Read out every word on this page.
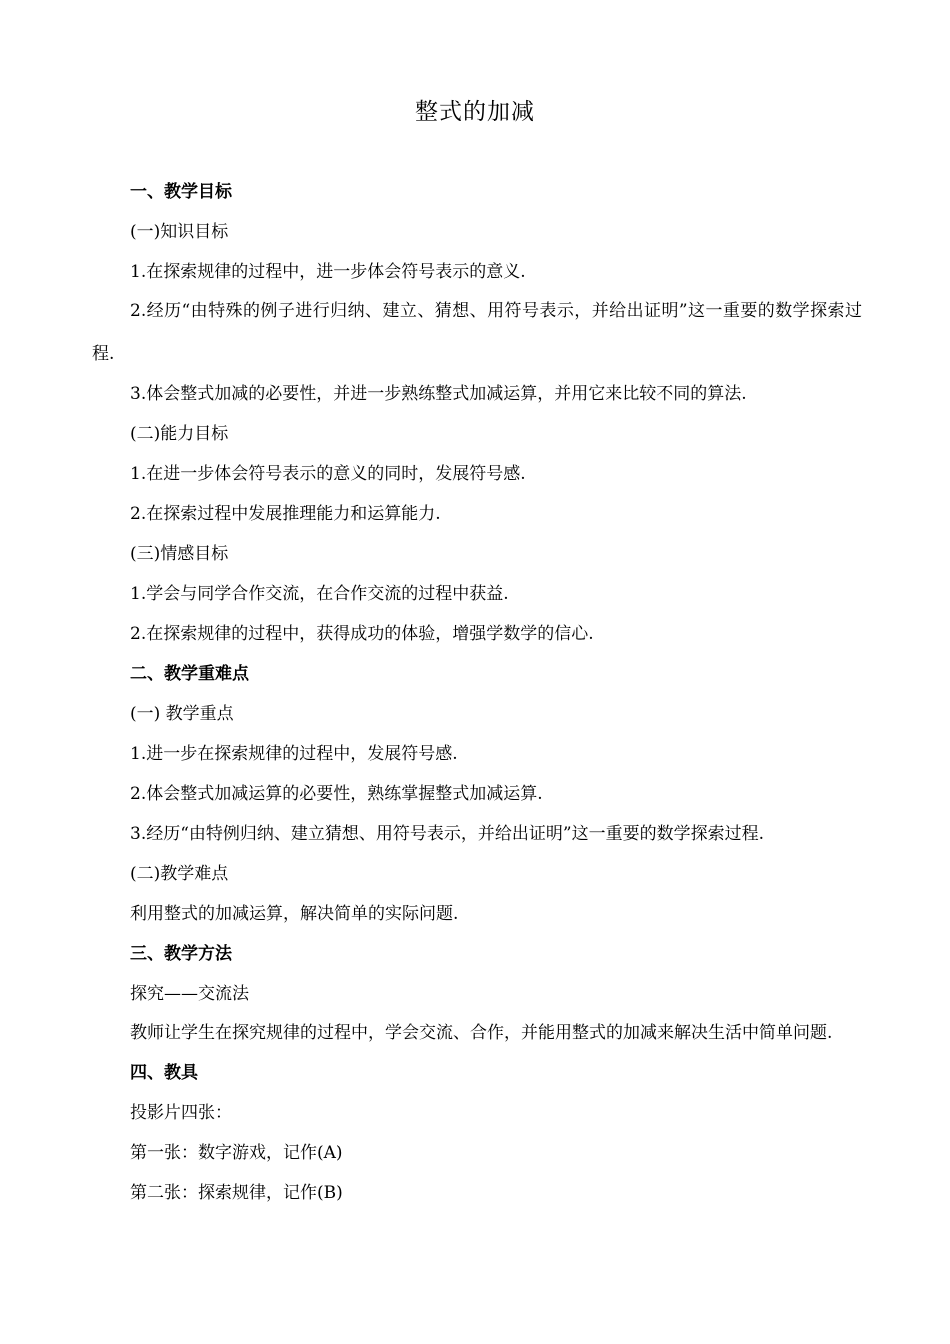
整式的加减

一、教学目标

(一)知识目标

1.在探索规律的过程中，进一步体会符号表示的意义.

2.经历“由特殊的例子进行归纳、建立、猜想、用符号表示，并给出证明”这一重要的数学探索过程.

3.体会整式加减的必要性，并进一步熟练整式加减运算，并用它来比较不同的算法.

(二)能力目标

1.在进一步体会符号表示的意义的同时，发展符号感.

2.在探索过程中发展推理能力和运算能力.

(三)情感目标

1.学会与同学合作交流，在合作交流的过程中获益.

2.在探索规律的过程中，获得成功的体验，增强学数学的信心.

二、教学重难点

(一) 教学重点

1.进一步在探索规律的过程中，发展符号感.

2.体会整式加减运算的必要性，熟练掌握整式加减运算.

3.经历“由特例归纳、建立猜想、用符号表示，并给出证明”这一重要的数学探索过程.

(二)教学难点

利用整式的加减运算，解决简单的实际问题.

三、教学方法

探究——交流法

教师让学生在探究规律的过程中，学会交流、合作，并能用整式的加减来解决生活中简单问题.

四、教具

投影片四张：

第一张：数字游戏，记作(A)

第二张：探索规律，记作(B)
